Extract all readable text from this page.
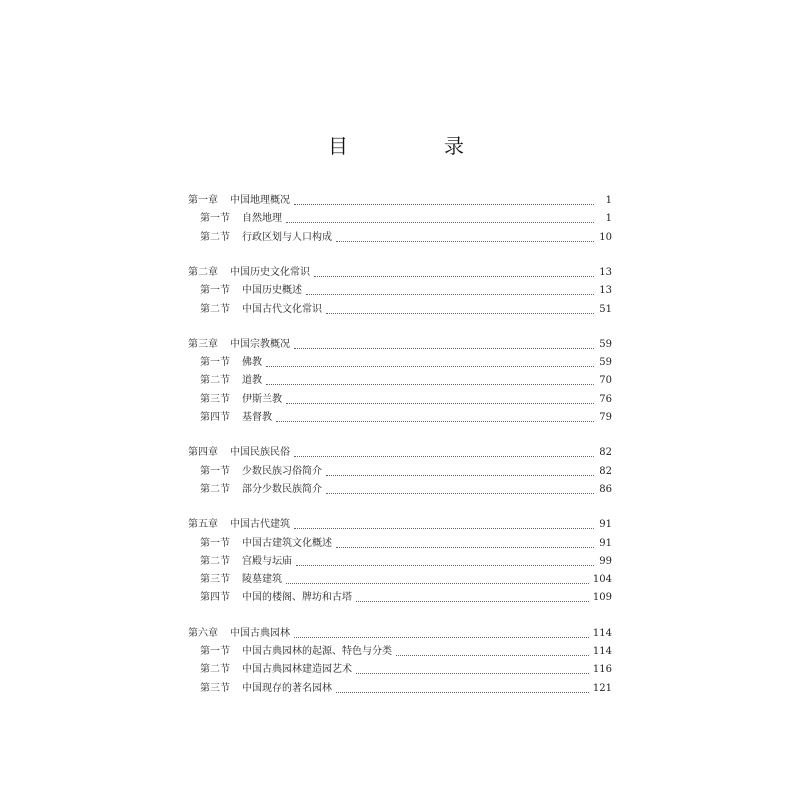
目　录
第一章 中国地理概况	1
第一节 自然地理	1
第二节 行政区划与人口构成	10
第二章 中国历史文化常识	13
第一节 中国历史概述	13
第二节 中国古代文化常识	51
第三章 中国宗教概况	59
第一节 佛教	59
第二节 道教	70
第三节 伊斯兰教	76
第四节 基督教	79
第四章 中国民族民俗	82
第一节 少数民族习俗简介	82
第二节 部分少数民族简介	86
第五章 中国古代建筑	91
第一节 中国古建筑文化概述	91
第二节 宫殿与坛庙	99
第三节 陵墓建筑	104
第四节 中国的楼阁、牌坊和古塔	109
第六章 中国古典园林	114
第一节 中国古典园林的起源、特色与分类	114
第二节 中国古典园林建造园艺术	116
第三节 中国现存的著名园林	121
